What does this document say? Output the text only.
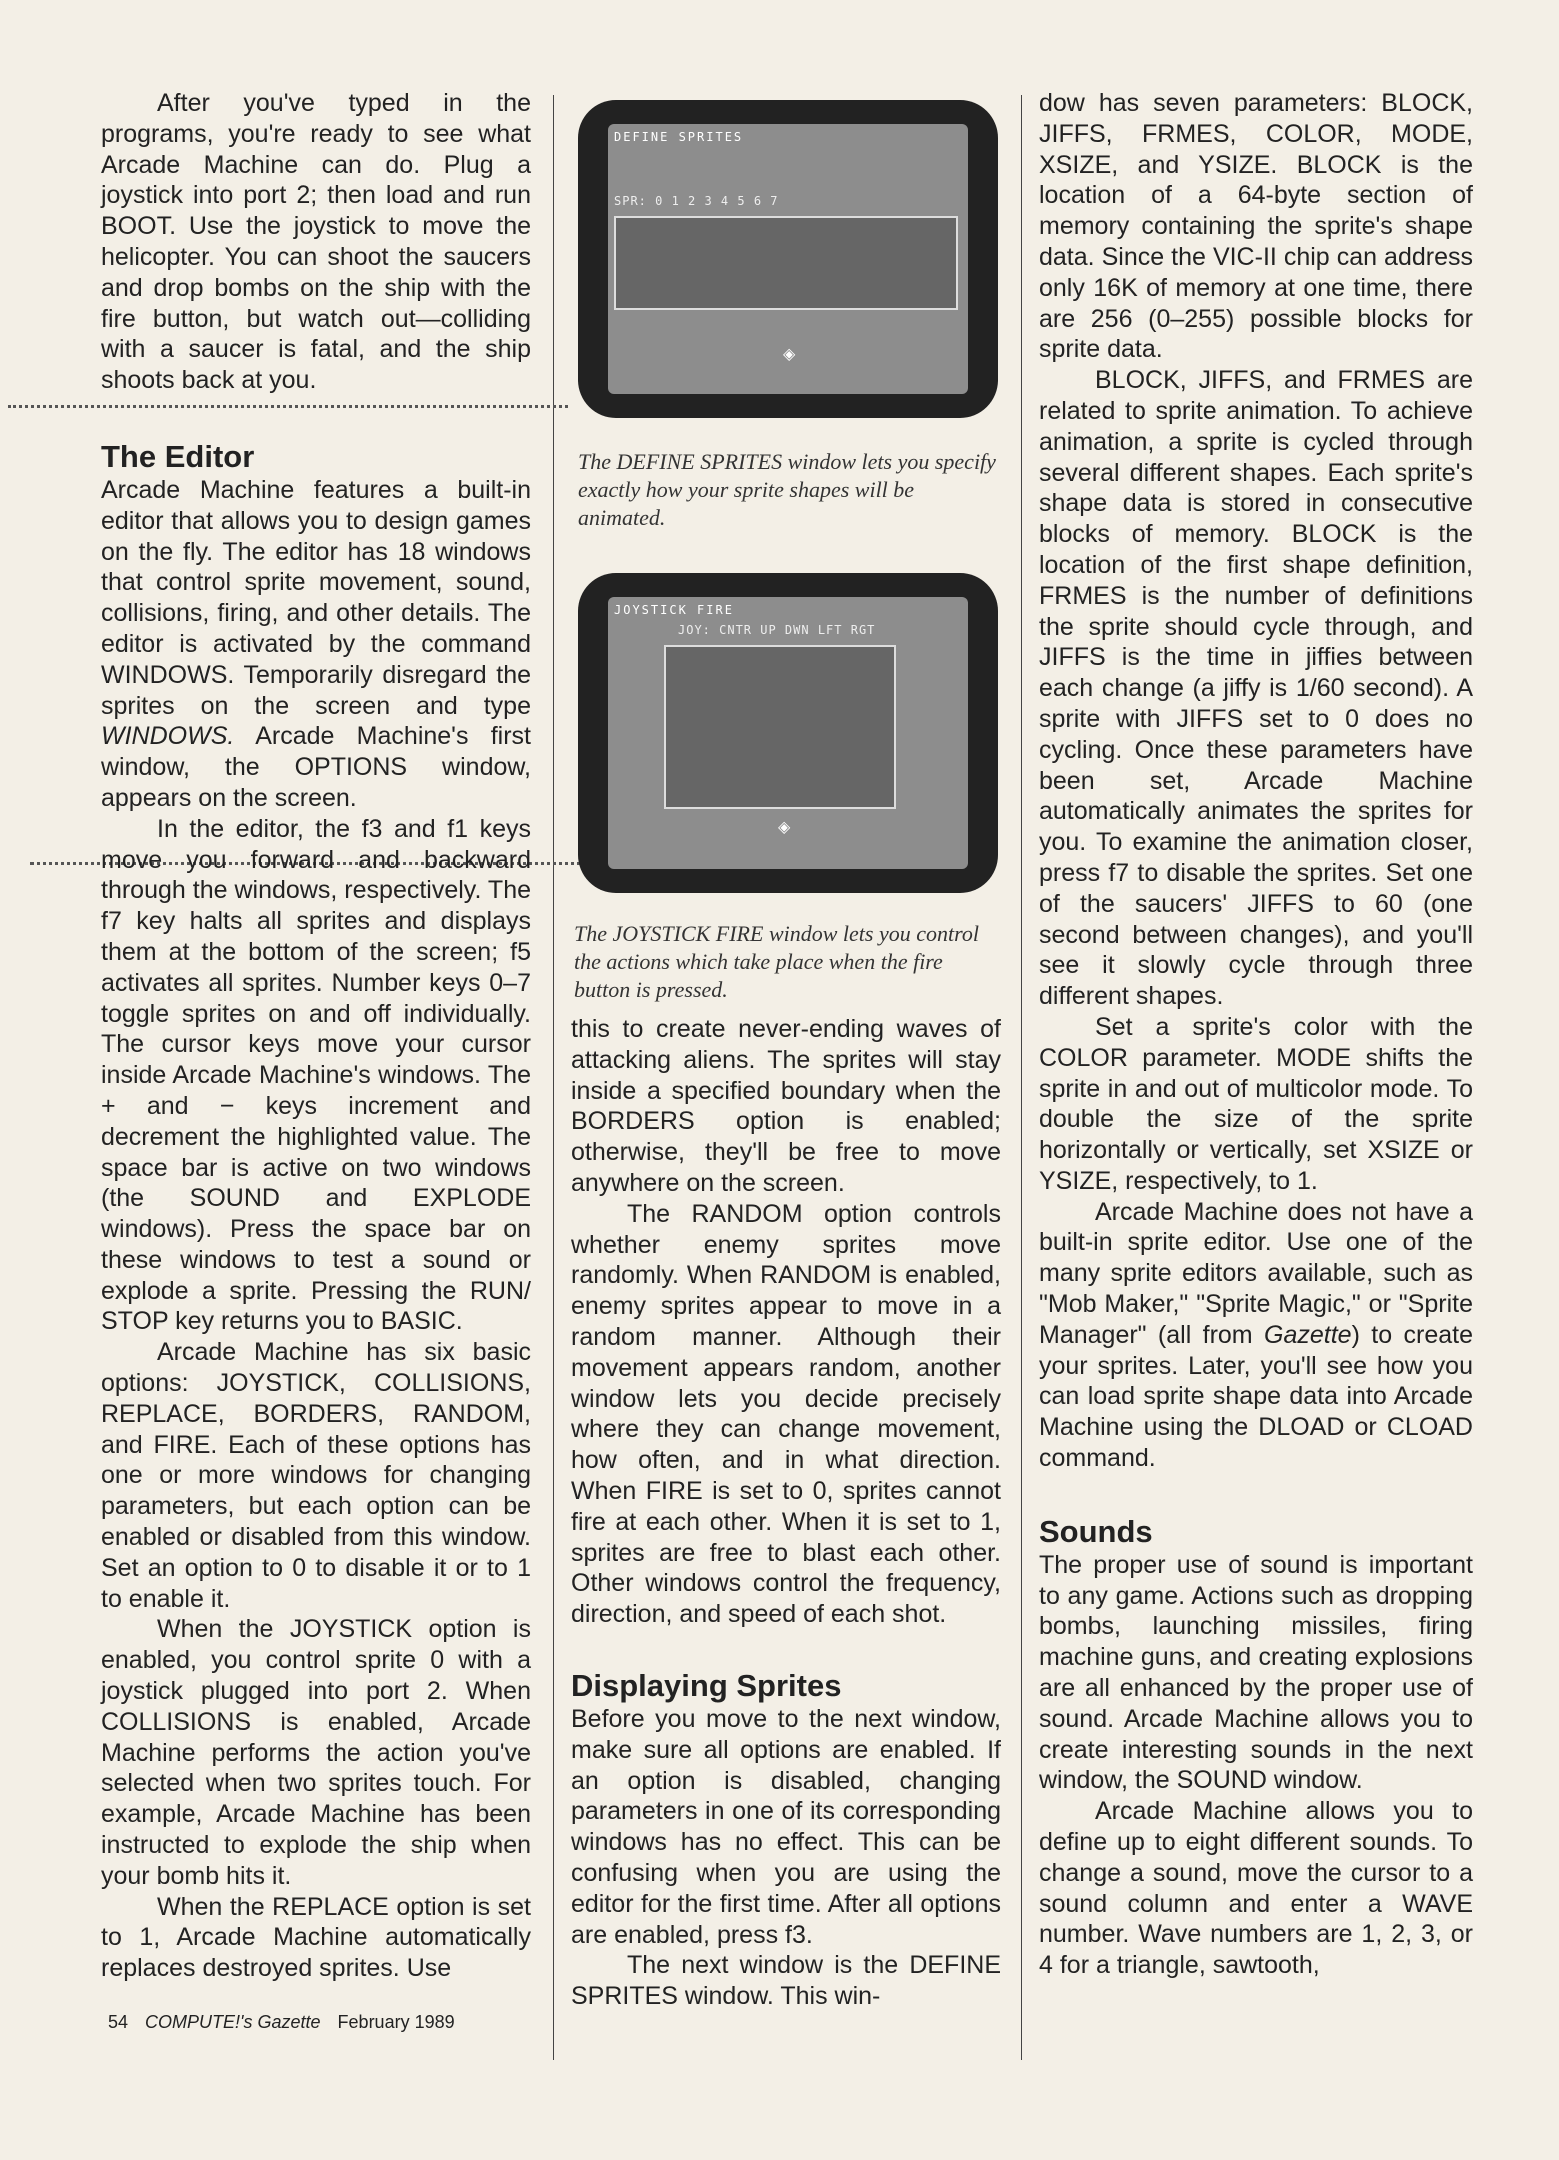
After you've typed in the programs, you're ready to see what Arcade Machine can do. Plug a joystick into port 2; then load and run BOOT. Use the joystick to move the helicopter. You can shoot the saucers and drop bombs on the ship with the fire button, but watch out—colliding with a saucer is fatal, and the ship shoots back at you.

The Editor

Arcade Machine features a built-in editor that allows you to design games on the fly. The editor has 18 windows that control sprite movement, sound, collisions, firing, and other details. The editor is activated by the command WINDOWS. Temporarily disregard the sprites on the screen and type WINDOWS. Arcade Machine's first window, the OPTIONS window, appears on the screen.

In the editor, the f3 and f1 keys move you forward and backward through the windows, respectively. The f7 key halts all sprites and displays them at the bottom of the screen; f5 activates all sprites. Number keys 0–7 toggle sprites on and off individually. The cursor keys move your cursor inside Arcade Machine's windows. The + and − keys increment and decrement the highlighted value. The space bar is active on two windows (the SOUND and EXPLODE windows). Press the space bar on these windows to test a sound or explode a sprite. Pressing the RUN/ STOP key returns you to BASIC.

Arcade Machine has six basic options: JOYSTICK, COLLISIONS, REPLACE, BORDERS, RANDOM, and FIRE. Each of these options has one or more windows for changing parameters, but each option can be enabled or disabled from this window. Set an option to 0 to disable it or to 1 to enable it.

When the JOYSTICK option is enabled, you control sprite 0 with a joystick plugged into port 2. When COLLISIONS is enabled, Arcade Machine performs the action you've selected when two sprites touch. For example, Arcade Machine has been instructed to explode the ship when your bomb hits it.

When the REPLACE option is set to 1, Arcade Machine automatically replaces destroyed sprites. Use

DEFINE SPRITES
SPR: 0 1 2 3 4 5 6 7
◈
The DEFINE SPRITES window lets you specify exactly how your sprite shapes will be animated.
JOYSTICK FIRE
JOY: CNTR UP DWN LFT RGT
◈
The JOYSTICK FIRE window lets you control the actions which take place when the fire button is pressed.

this to create never-ending waves of attacking aliens. The sprites will stay inside a specified boundary when the BORDERS option is enabled; otherwise, they'll be free to move anywhere on the screen.

The RANDOM option controls whether enemy sprites move randomly. When RANDOM is enabled, enemy sprites appear to move in a random manner. Although their movement appears random, another window lets you decide precisely where they can change movement, how often, and in what direction. When FIRE is set to 0, sprites cannot fire at each other. When it is set to 1, sprites are free to blast each other. Other windows control the frequency, direction, and speed of each shot.

Displaying Sprites

Before you move to the next window, make sure all options are enabled. If an option is disabled, changing parameters in one of its corresponding windows has no effect. This can be confusing when you are using the editor for the first time. After all options are enabled, press f3.

The next window is the DEFINE SPRITES window. This win-

dow has seven parameters: BLOCK, JIFFS, FRMES, COLOR, MODE, XSIZE, and YSIZE. BLOCK is the location of a 64-byte section of memory containing the sprite's shape data. Since the VIC-II chip can address only 16K of memory at one time, there are 256 (0–255) possible blocks for sprite data.

BLOCK, JIFFS, and FRMES are related to sprite animation. To achieve animation, a sprite is cycled through several different shapes. Each sprite's shape data is stored in consecutive blocks of memory. BLOCK is the location of the first shape definition, FRMES is the number of definitions the sprite should cycle through, and JIFFS is the time in jiffies between each change (a jiffy is 1/60 second). A sprite with JIFFS set to 0 does no cycling. Once these parameters have been set, Arcade Machine automatically animates the sprites for you. To examine the animation closer, press f7 to disable the sprites. Set one of the saucers' JIFFS to 60 (one second between changes), and you'll see it slowly cycle through three different shapes.

Set a sprite's color with the COLOR parameter. MODE shifts the sprite in and out of multicolor mode. To double the size of the sprite horizontally or vertically, set XSIZE or YSIZE, respectively, to 1.

Arcade Machine does not have a built-in sprite editor. Use one of the many sprite editors available, such as "Mob Maker," "Sprite Magic," or "Sprite Manager" (all from Gazette) to create your sprites. Later, you'll see how you can load sprite shape data into Arcade Machine using the DLOAD or CLOAD command.

Sounds

The proper use of sound is important to any game. Actions such as dropping bombs, launching missiles, firing machine guns, and creating explosions are all enhanced by the proper use of sound. Arcade Machine allows you to create interesting sounds in the next window, the SOUND window.

Arcade Machine allows you to define up to eight different sounds. To change a sound, move the cursor to a sound column and enter a WAVE number. Wave numbers are 1, 2, 3, or 4 for a triangle, sawtooth,

54 COMPUTE!'s Gazette February 1989
